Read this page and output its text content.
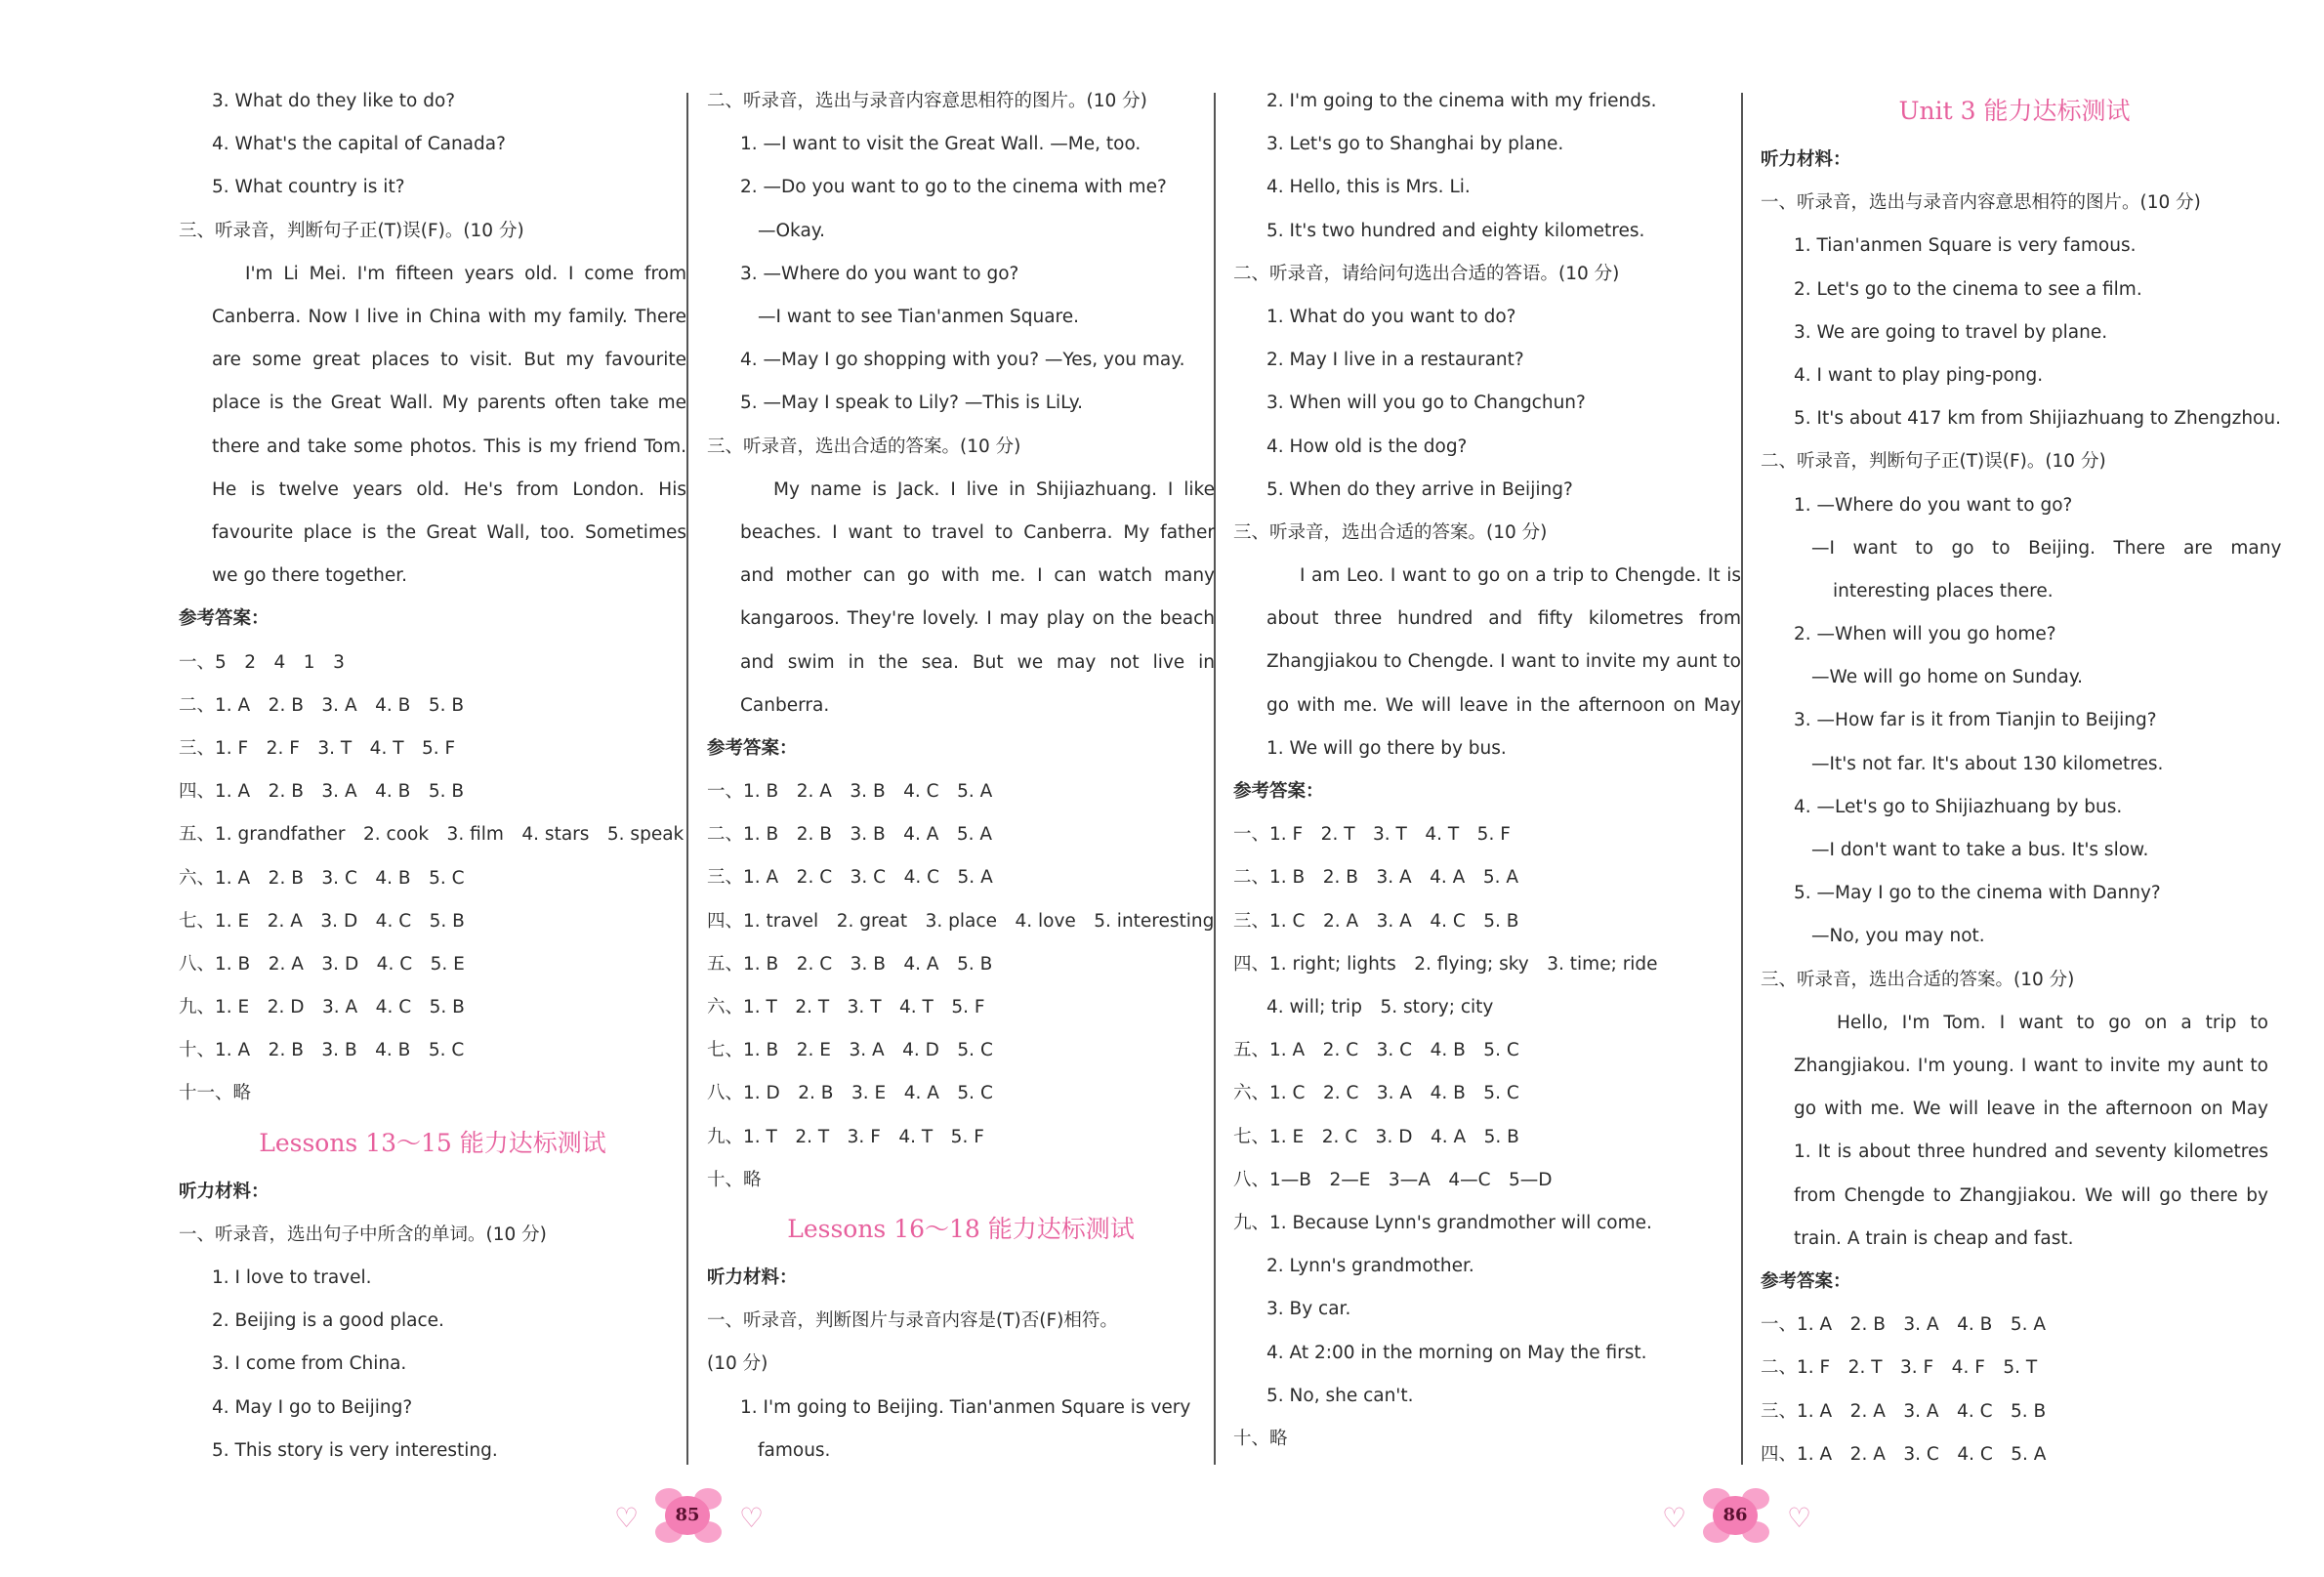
3. What do they like to do?
4. What's the capital of Canada?
5. What country is it?
三、听录音，判断句子正(T)误(F)。(10 分)
I'm Li Mei. I'm fifteen years old. I come from Canberra. Now I live in China with my family. There are some great places to visit. But my favourite place is the Great Wall. My parents often take me there and take some photos. This is my friend Tom. He is twelve years old. He's from London. His favourite place is the Great Wall, too. Sometimes we go there together.
参考答案：
一、5　2　4　1　3
二、1. A　2. B　3. A　4. B　5. B
三、1. F　2. F　3. T　4. T　5. F
四、1. A　2. B　3. A　4. B　5. B
五、1. grandfather　2. cook　3. film　4. stars　5. speak
六、1. A　2. B　3. C　4. B　5. C
七、1. E　2. A　3. D　4. C　5. B
八、1. B　2. A　3. D　4. C　5. E
九、1. E　2. D　3. A　4. C　5. B
十、1. A　2. B　3. B　4. B　5. C
十一、略
Lessons 13～15 能力达标测试
听力材料：
一、听录音，选出句子中所含的单词。(10 分)
1. I love to travel.
2. Beijing is a good place.
3. I come from China.
4. May I go to Beijing?
5. This story is very interesting.
二、听录音，选出与录音内容意思相符的图片。(10 分)
1. —I want to visit the Great Wall. —Me, too.
2. —Do you want to go to the cinema with me?
—Okay.
3. —Where do you want to go?
—I want to see Tian'anmen Square.
4. —May I go shopping with you? —Yes, you may.
5. —May I speak to Lily? —This is LiLy.
三、听录音，选出合适的答案。(10 分)
My name is Jack. I live in Shijiazhuang. I like beaches. I want to travel to Canberra. My father and mother can go with me. I can watch many kangaroos. They're lovely. I may play on the beach and swim in the sea. But we may not live in Canberra.
参考答案：
一、1. B　2. A　3. B　4. C　5. A
二、1. B　2. B　3. B　4. A　5. A
三、1. A　2. C　3. C　4. C　5. A
四、1. travel　2. great　3. place　4. love　5. interesting
五、1. B　2. C　3. B　4. A　5. B
六、1. T　2. T　3. T　4. T　5. F
七、1. B　2. E　3. A　4. D　5. C
八、1. D　2. B　3. E　4. A　5. C
九、1. T　2. T　3. F　4. T　5. F
十、略
Lessons 16～18 能力达标测试
听力材料：
一、听录音，判断图片与录音内容是(T)否(F)相符。
(10 分)
1. I'm going to Beijing. Tian'anmen Square is very
famous.
2. I'm going to the cinema with my friends.
3. Let's go to Shanghai by plane.
4. Hello, this is Mrs. Li.
5. It's two hundred and eighty kilometres.
二、听录音，请给问句选出合适的答语。(10 分)
1. What do you want to do?
2. May I live in a restaurant?
3. When will you go to Changchun?
4. How old is the dog?
5. When do they arrive in Beijing?
三、听录音，选出合适的答案。(10 分)
I am Leo. I want to go on a trip to Chengde. It is about three hundred and fifty kilometres from Zhangjiakou to Chengde. I want to invite my aunt to go with me. We will leave in the afternoon on May 1. We will go there by bus.
参考答案：
一、1. F　2. T　3. T　4. T　5. F
二、1. B　2. B　3. A　4. A　5. A
三、1. C　2. A　3. A　4. C　5. B
四、1. right; lights　2. flying; sky　3. time; ride
4. will; trip　5. story; city
五、1. A　2. C　3. C　4. B　5. C
六、1. C　2. C　3. A　4. B　5. C
七、1. E　2. C　3. D　4. A　5. B
八、1—B　2—E　3—A　4—C　5—D
九、1. Because Lynn's grandmother will come.
2. Lynn's grandmother.
3. By car.
4. At 2:00 in the morning on May the first.
5. No, she can't.
十、略
Unit 3 能力达标测试
听力材料：
一、听录音，选出与录音内容意思相符的图片。(10 分)
1. Tian'anmen Square is very famous.
2. Let's go to the cinema to see a film.
3. We are going to travel by plane.
4. I want to play ping-pong.
5. It's about 417 km from Shijiazhuang to Zhengzhou.
二、听录音，判断句子正(T)误(F)。(10 分)
1. —Where do you want to go?
—I　want　to　go　to　Beijing.　There　are　many
interesting places there.
2. —When will you go home?
—We will go home on Sunday.
3. —How far is it from Tianjin to Beijing?
—It's not far. It's about 130 kilometres.
4. —Let's go to Shijiazhuang by bus.
—I don't want to take a bus. It's slow.
5. —May I go to the cinema with Danny?
—No, you may not.
三、听录音，选出合适的答案。(10 分)
Hello, I'm Tom. I want to go on a trip to Zhangjiakou. I'm young. I want to invite my aunt to go with me. We will leave in the afternoon on May 1. It is about three hundred and seventy kilometres from Chengde to Zhangjiakou. We will go there by train. A train is cheap and fast.
参考答案：
一、1. A　2. B　3. A　4. B　5. A
二、1. F　2. T　3. F　4. F　5. T
三、1. A　2. A　3. A　4. C　5. B
四、1. A　2. A　3. C　4. C　5. A
♡	85	♡	♡	86	♡
